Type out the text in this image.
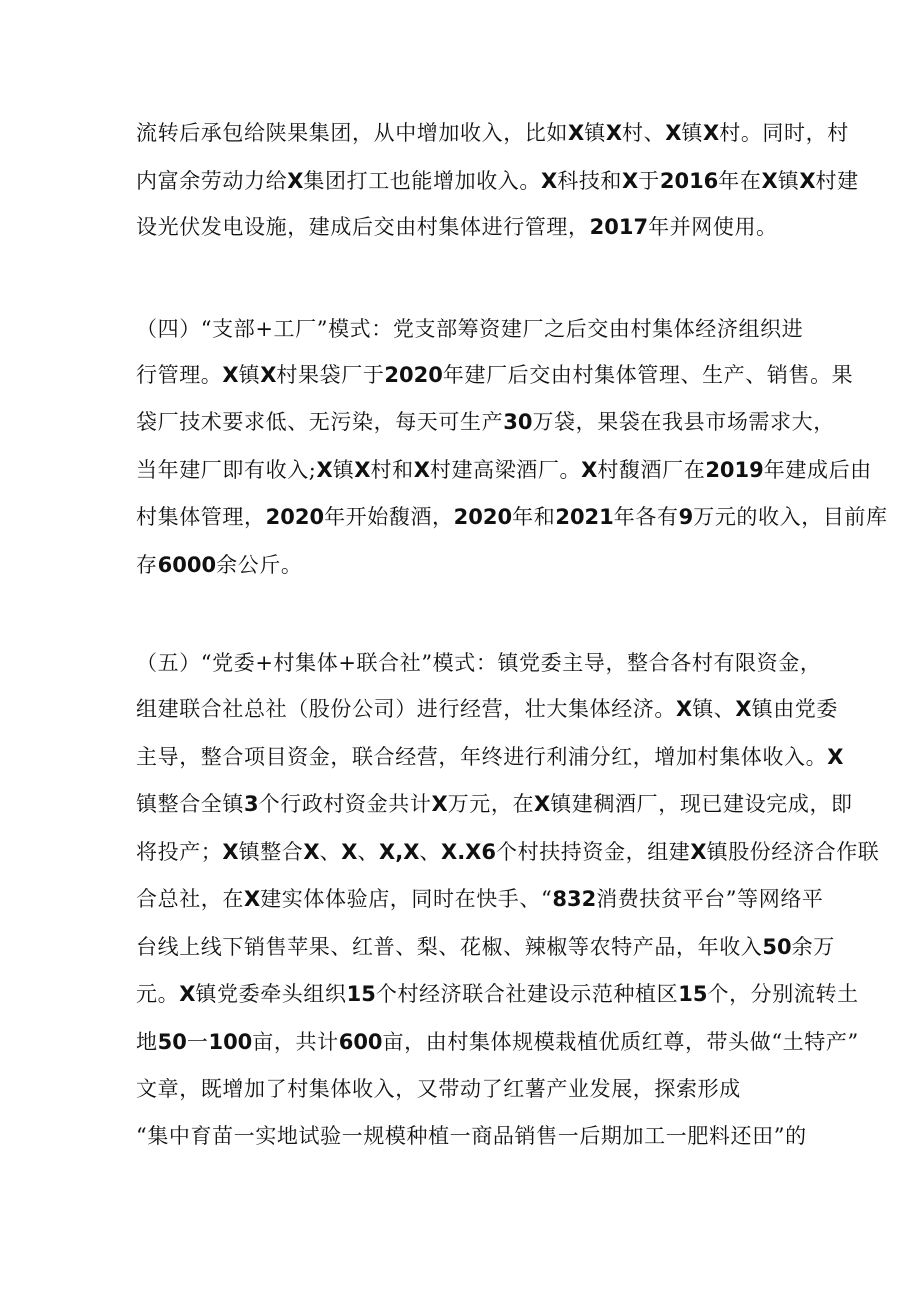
流转后承包给陕果集团，从中增加收入，比如X镇X村、X镇X村。同时，村
内富余劳动力给X集团打工也能增加收入。X科技和X于2016年在X镇X村建
设光伏发电设施，建成后交由村集体进行管理，2017年并网使用。
（四）“支部+工厂”模式：党支部筹资建厂之后交由村集体经济组织进
行管理。X镇X村果袋厂于2020年建厂后交由村集体管理、生产、销售。果
袋厂技术要求低、无污染，每天可生产30万袋，果袋在我县市场需求大，
当年建厂即有收入;X镇X村和X村建高梁酒厂。X村馥酒厂在2019年建成后由
村集体管理，2020年开始馥酒，2020年和2021年各有9万元的收入，目前库
存6000余公斤。
（五）“党委+村集体+联合社”模式：镇党委主导，整合各村有限资金，
组建联合社总社（股份公司）进行经营，壮大集体经济。X镇、X镇由党委
主导，整合项目资金，联合经营，年终进行利浦分红，增加村集体收入。X
镇整合全镇3个行政村资金共计X万元，在X镇建稠酒厂，现已建设完成，即
将投产；X镇整合X、X、X,X、X.X6个村扶持资金，组建X镇股份经济合作联
合总社，在X建实体体验店，同时在快手、“832消费扶贫平台”等网络平
台线上线下销售苹果、红普、梨、花椒、辣椒等农特产品，年收入50余万
元。X镇党委牵头组织15个村经济联合社建设示范种植区15个，分别流转土
地50一100亩，共计600亩，由村集体规模栽植优质红尊，带头做“土特产”
文章，既增加了村集体收入，又带动了红薯产业发展，探索形成
“集中育苗一实地试验一规模种植一商品销售一后期加工一肥料还田”的
